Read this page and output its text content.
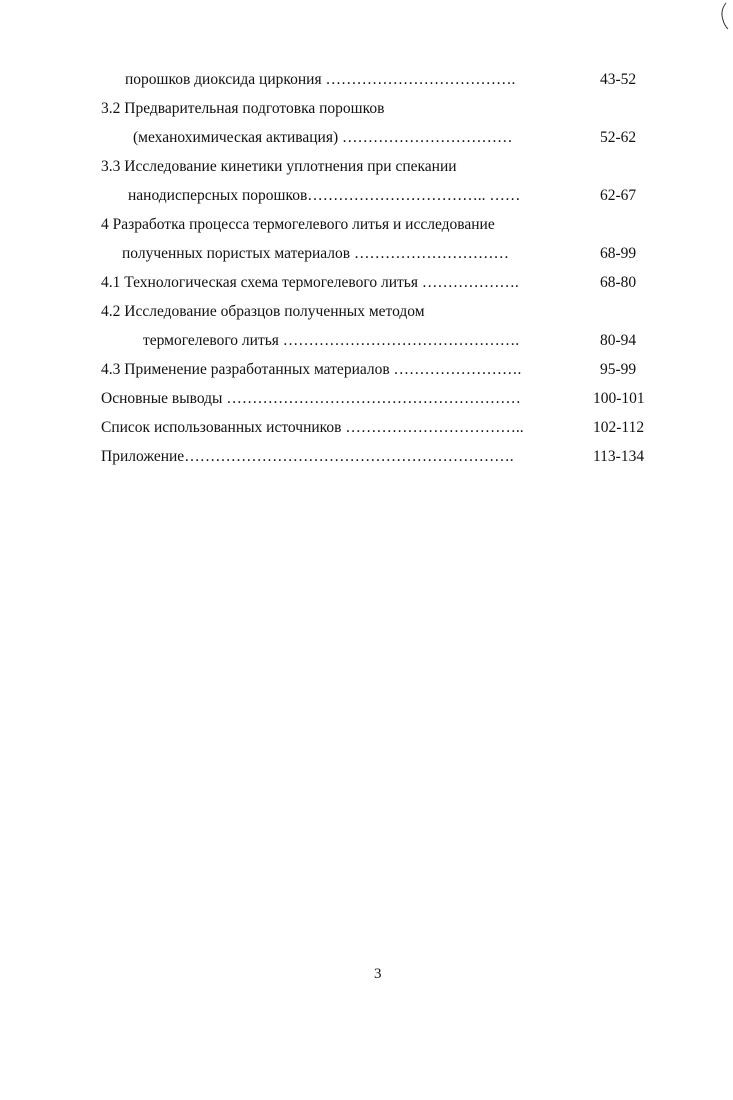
порошков диоксида циркония ……………………………….	43-52
3.2 Предварительная подготовка порошков
(механохимическая активация) ……………………………	52-62
3.3 Исследование кинетики уплотнения при спекании
нанодисперсных порошков…………………………….. ……	62-67
4 Разработка процесса термогелевого литья и исследование
полученных пористых материалов …………………………	68-99
4.1 Технологическая схема термогелевого литья ……………….	68-80
4.2 Исследование образцов полученных методом
термогелевого литья ……………………………………….	80-94
4.3 Применение разработанных материалов …………………….	95-99
Основные выводы …………………………………………………	100-101
Список использованных источников ……………………………..	102-112
Приложение……………………………………………………….	113-134
3
